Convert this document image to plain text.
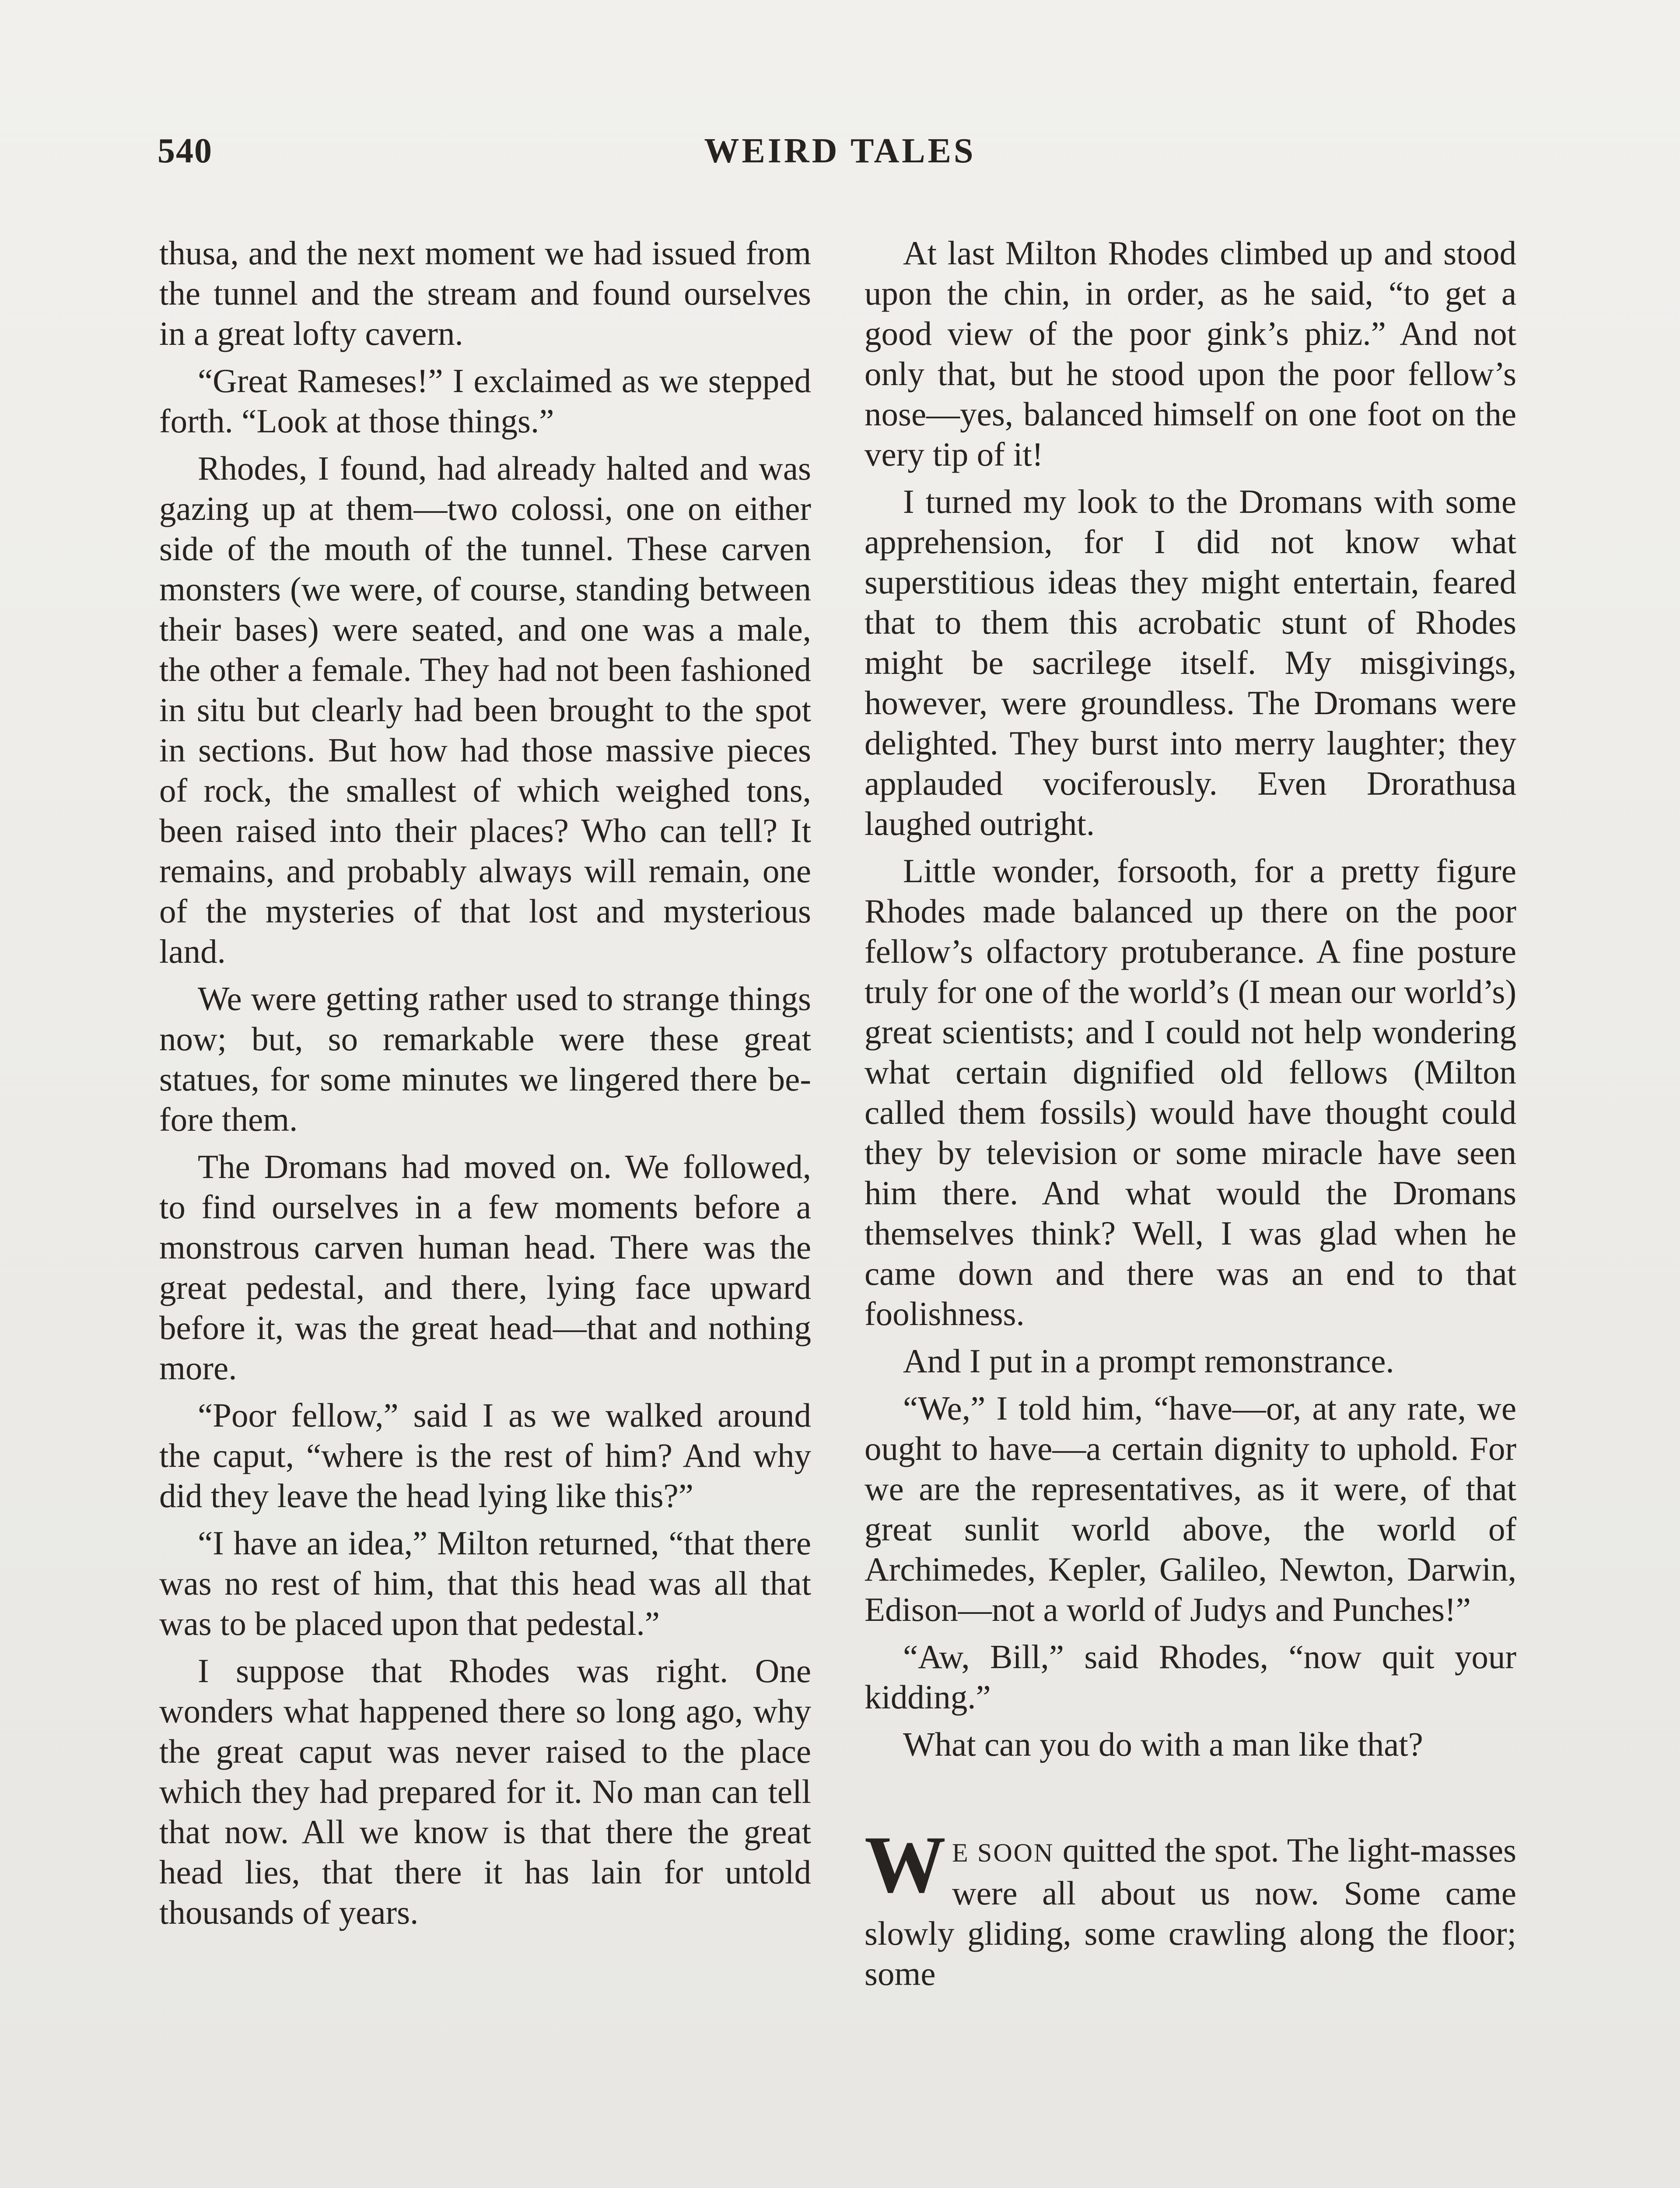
540	WEIRD TALES

thusa, and the next moment we had issued from the tunnel and the stream and found ourselves in a great lofty cavern.

“Great Rameses!” I exclaimed as we stepped forth. “Look at those things.”

Rhodes, I found, had already halted and was gazing up at them—two colossi, one on either side of the mouth of the tunnel. These carven monsters (we were, of course, standing between their bases) were seated, and one was a male, the other a female. They had not been fashioned in situ but clearly had been brought to the spot in sections. But how had those massive pieces of rock, the smallest of which weighed tons, been raised into their places? Who can tell? It remains, and probably always will remain, one of the mysteries of that lost and mysterious land.

We were getting rather used to strange things now; but, so remarkable were these great statues, for some minutes we lingered there before them.

The Dromans had moved on. We followed, to find ourselves in a few moments before a monstrous carven human head. There was the great pedestal, and there, lying face upward before it, was the great head—that and nothing more.

“Poor fellow,” said I as we walked around the caput, “where is the rest of him? And why did they leave the head lying like this?”

“I have an idea,” Milton returned, “that there was no rest of him, that this head was all that was to be placed upon that pedestal.”

I suppose that Rhodes was right. One wonders what happened there so long ago, why the great caput was never raised to the place which they had prepared for it. No man can tell that now. All we know is that there the great head lies, that there it has lain for untold thousands of years.

At last Milton Rhodes climbed up and stood upon the chin, in order, as he said, “to get a good view of the poor gink’s phiz.” And not only that, but he stood upon the poor fellow’s nose—yes, balanced himself on one foot on the very tip of it!

I turned my look to the Dromans with some apprehension, for I did not know what superstitious ideas they might entertain, feared that to them this acrobatic stunt of Rhodes might be sacrilege itself. My misgivings, however, were groundless. The Dromans were delighted. They burst into merry laughter; they applauded vociferously. Even Drorathusa laughed outright.

Little wonder, forsooth, for a pretty figure Rhodes made balanced up there on the poor fellow’s olfactory protuberance. A fine posture truly for one of the world’s (I mean our world’s) great scientists; and I could not help wondering what certain dignified old fellows (Milton called them fossils) would have thought could they by television or some miracle have seen him there. And what would the Dromans themselves think? Well, I was glad when he came down and there was an end to that foolishness.

And I put in a prompt remonstrance.

“We,” I told him, “have—or, at any rate, we ought to have—a certain dignity to uphold. For we are the representatives, as it were, of that great sunlit world above, the world of Archimedes, Kepler, Galileo, Newton, Darwin, Edison—not a world of Judys and Punches!”

“Aw, Bill,” said Rhodes, “now quit your kidding.”

What can you do with a man like that?

W E SOON quitted the spot. The light-masses were all about us now. Some came slowly gliding, some crawling along the floor; some
